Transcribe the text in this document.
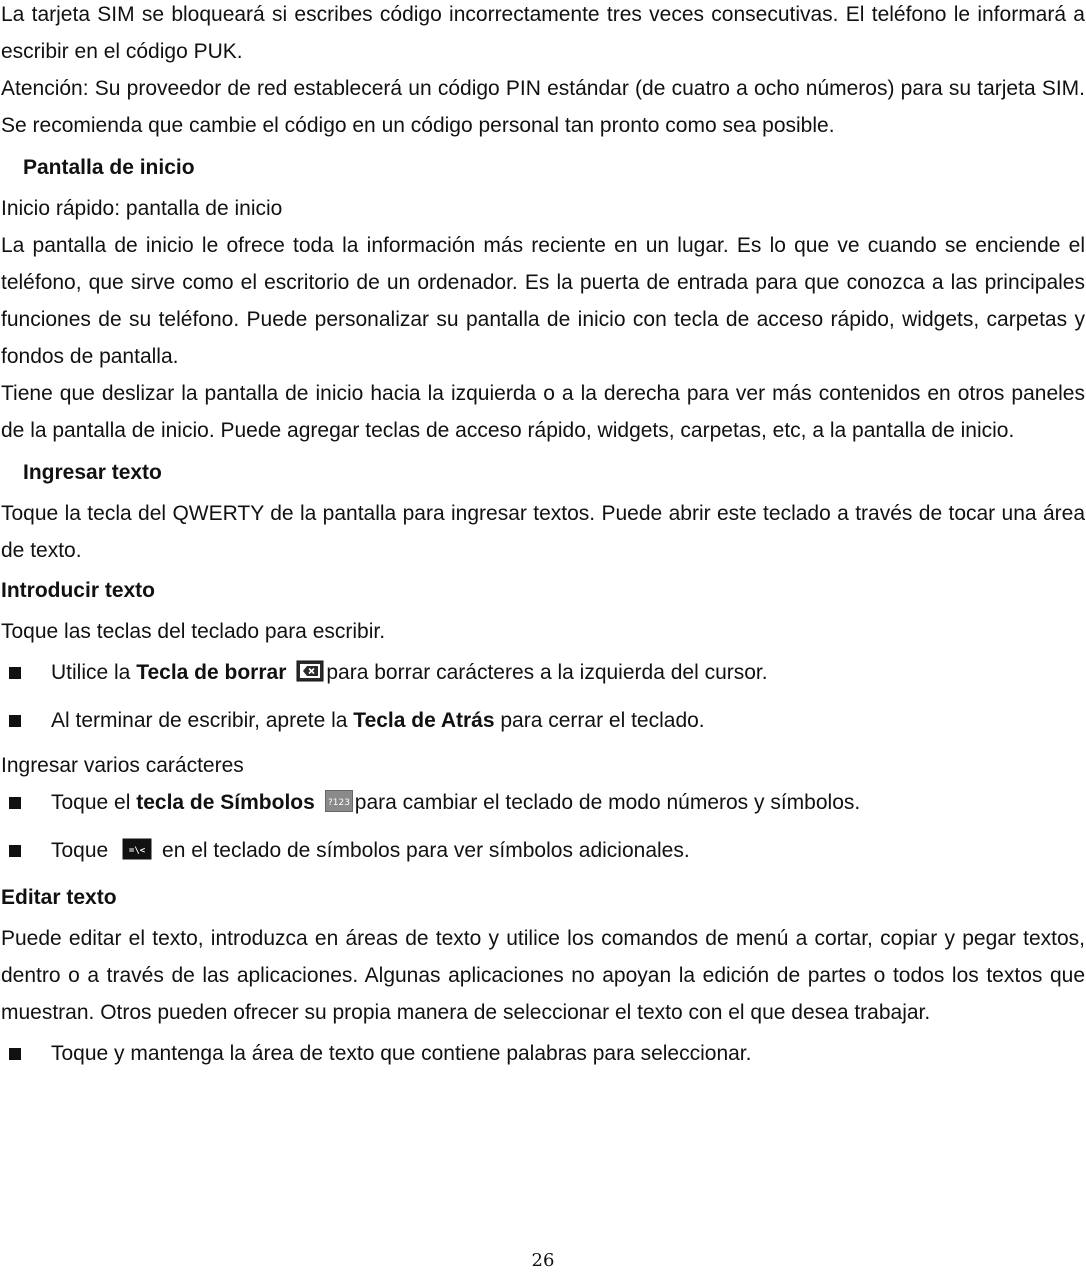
La tarjeta SIM se bloqueará si escribes código incorrectamente tres veces consecutivas. El teléfono le informará a escribir en el código PUK.

Atención: Su proveedor de red establecerá un código PIN estándar (de cuatro a ocho números) para su tarjeta SIM. Se recomienda que cambie el código en un código personal tan pronto como sea posible.

Pantalla de inicio

Inicio rápido: pantalla de inicio

La pantalla de inicio le ofrece toda la información más reciente en un lugar. Es lo que ve cuando se enciende el teléfono, que sirve como el escritorio de un ordenador. Es la puerta de entrada para que conozca a las principales funciones de su teléfono. Puede personalizar su pantalla de inicio con tecla de acceso rápido, widgets, carpetas y fondos de pantalla.

Tiene que deslizar la pantalla de inicio hacia la izquierda o a la derecha para ver más contenidos en otros paneles de la pantalla de inicio. Puede agregar teclas de acceso rápido, widgets, carpetas, etc, a la pantalla de inicio.

Ingresar texto

Toque la tecla del QWERTY de la pantalla para ingresar textos. Puede abrir este teclado a través de tocar una área de texto.

Introducir texto

Toque las teclas del teclado para escribir.

Utilice la Tecla de borrar para borrar carácteres a la izquierda del cursor.
Al terminar de escribir, aprete la Tecla de Atrás para cerrar el teclado.

Ingresar varios carácteres

Toque el tecla de Símbolos ?123 para cambiar el teclado de modo números y símbolos.
Toque =\< en el teclado de símbolos para ver símbolos adicionales.
Editar texto

Puede editar el texto, introduzca en áreas de texto y utilice los comandos de menú a cortar, copiar y pegar textos, dentro o a través de las aplicaciones. Algunas aplicaciones no apoyan la edición de partes o todos los textos que muestran. Otros pueden ofrecer su propia manera de seleccionar el texto con el que desea trabajar.

Toque y mantenga la área de texto que contiene palabras para seleccionar.
26
